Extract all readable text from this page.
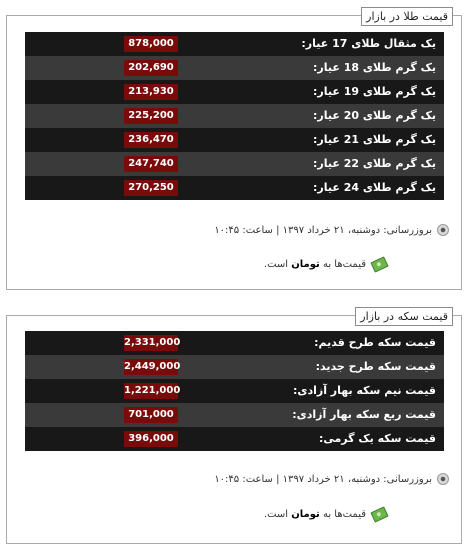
قیمت طلا در بازار
یک مثقال طلای 17 عیار:
878,000
یک گرم طلای 18 عیار:
202,690
یک گرم طلای 19 عیار:
213,930
یک گرم طلای 20 عیار:
225,200
یک گرم طلای 21 عیار:
236,470
یک گرم طلای 22 عیار:
247,740
یک گرم طلای 24 عیار:
270,250
بروزرسانی: دوشنبه، ۲۱ خرداد ۱۳۹۷ | ساعت: ۱۰:۴۵
قیمت‌ها به تومان است.
قیمت سکه در بازار
قیمت سکه طرح قدیم:
2,331,000
قیمت سکه طرح جدید:
2,449,000
قیمت نیم سکه بهار آزادی:
1,221,000
قیمت ربع سکه بهار آزادی:
701,000
قیمت سکه یک گرمی:
396,000
بروزرسانی: دوشنبه، ۲۱ خرداد ۱۳۹۷ | ساعت: ۱۰:۴۵
قیمت‌ها به تومان است.
